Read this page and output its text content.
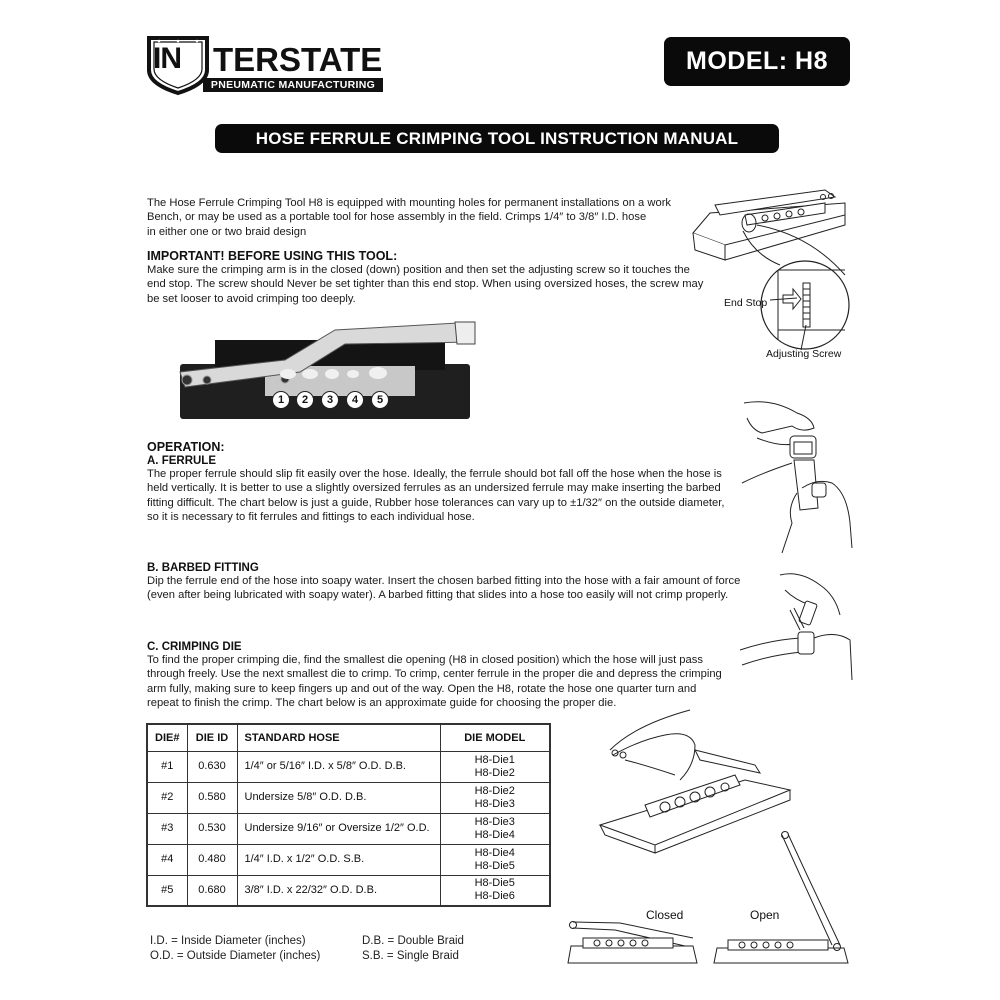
IN TERSTATE
PNEUMATIC MANUFACTURING
MODEL: H8
HOSE FERRULE CRIMPING TOOL INSTRUCTION MANUAL
The Hose Ferrule Crimping Tool H8 is equipped with mounting holes for permanent installations on a work
Bench, or may be used as a portable tool for hose assembly in the field. Crimps 1/4″ to 3/8″ I.D. hose
in either one or two braid design
IMPORTANT! BEFORE USING THIS TOOL:
Make sure the crimping arm is in the closed (down) position and then set the adjusting screw so it touches the
end stop. The screw should Never be set tighter than this end stop. When using oversized hoses, the screw may
be set looser to avoid crimping too deeply.	End Stop
Adjusting Screw
1	2	3	4	5
OPERATION:
A. FERRULE
The proper ferrule should slip fit easily over the hose. Ideally, the ferrule should bot fall off the hose when the hose is
held vertically. It is better to use a slightly oversized ferrules as an undersized ferrule may make inserting the barbed
fitting difficult. The chart below is just a guide, Rubber hose tolerances can vary up to ±1/32″ on the outside diameter,
so it is necessary to fit ferrules and fittings to each individual hose.
B. BARBED FITTING
Dip the ferrule end of the hose into soapy water. Insert the chosen barbed fitting into the hose with a fair amount of force
(even after being lubricated with soapy water). A barbed fitting that slides into a hose too easily will not crimp properly.
C. CRIMPING DIE
To find the proper crimping die, find the smallest die opening (H8 in closed position) which the hose will just pass
through freely. Use the next smallest die to crimp. To crimp, center ferrule in the proper die and depress the crimping
arm fully, making sure to keep fingers up and out of the way. Open the H8, rotate the hose one quarter turn and
repeat to finish the crimp. The chart below is an approximate guide for choosing the proper die.
DIE#	DIE ID	STANDARD HOSE	DIE MODEL
#1	0.630	1/4″ or 5/16″ I.D. x 5/8″ O.D. D.B.	H8-Die1
H8-Die2

#2	0.580	Undersize 5/8″ O.D. D.B.	H8-Die2
H8-Die3

#3	0.530	Undersize 9/16″ or Oversize 1/2″ O.D.	H8-Die3
H8-Die4

#4	0.480	1/4″ I.D. x 1/2″ O.D. S.B.	H8-Die4
H8-Die5

#5	0.680	3/8″ I.D. x 22/32″ O.D. D.B.	H8-Die5
H8-Die6
I.D. = Inside Diameter (inches)
O.D. = Outside Diameter (inches)
D.B. = Double Braid
S.B. = Single Braid
Closed	Open
